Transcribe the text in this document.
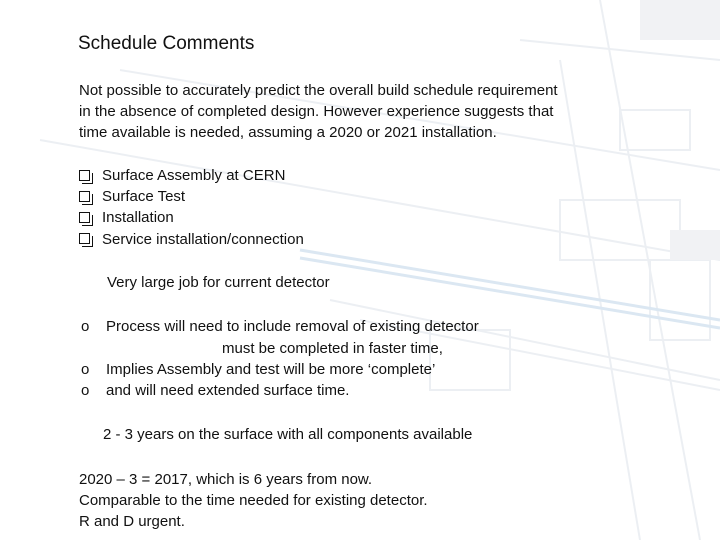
Schedule Comments
Not possible to accurately predict the overall build schedule requirement
in the absence of completed design. However experience suggests that
time available is needed, assuming a 2020 or 2021 installation.
Surface Assembly at CERN
Surface Test
Installation
Service installation/connection
Very large job for current detector
o Process will need to include removal of existing detector
must be completed in faster time,
o Implies Assembly and test will be more ‘complete’
o and will need extended surface time.
2 - 3 years on the surface with all components available
2020 – 3 = 2017, which is 6 years from now.
Comparable to the time needed for existing detector.
R and D urgent.
